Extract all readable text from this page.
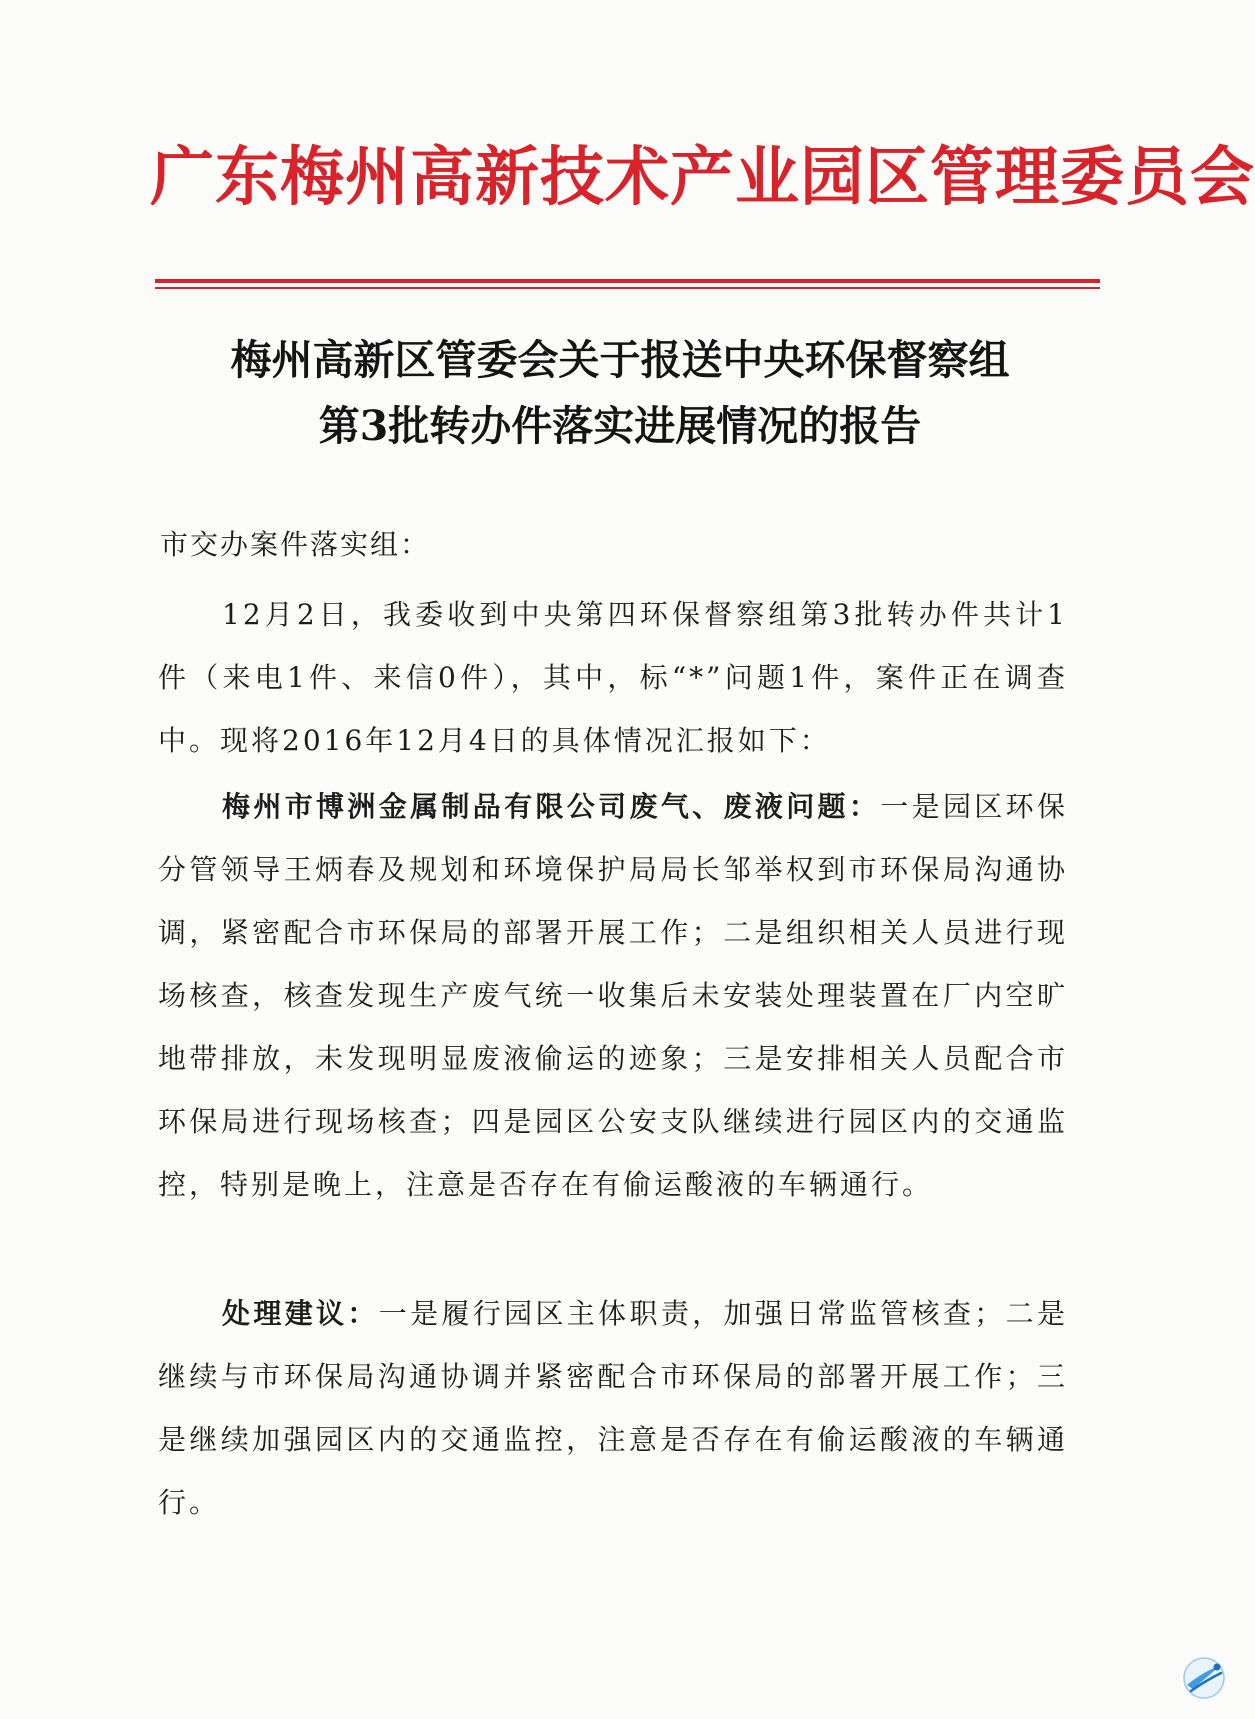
广东梅州高新技术产业园区管理委员会
梅州高新区管委会关于报送中央环保督察组
第3批转办件落实进展情况的报告
市交办案件落实组：

12月2日，我委收到中央第四环保督察组第3批转办件共计1件（来电1件、来信0件），其中，标“*”问题1件，案件正在调查中。现将2016年12月4日的具体情况汇报如下：

梅州市博洲金属制品有限公司废气、废液问题：一是园区环保分管领导王炳春及规划和环境保护局局长邹举权到市环保局沟通协调，紧密配合市环保局的部署开展工作；二是组织相关人员进行现场核查，核查发现生产废气统一收集后未安装处理装置在厂内空旷地带排放，未发现明显废液偷运的迹象；三是安排相关人员配合市环保局进行现场核查；四是园区公安支队继续进行园区内的交通监控，特别是晚上，注意是否存在有偷运酸液的车辆通行。

处理建议：一是履行园区主体职责，加强日常监管核查；二是继续与市环保局沟通协调并紧密配合市环保局的部署开展工作；三是继续加强园区内的交通监控，注意是否存在有偷运酸液的车辆通行。
